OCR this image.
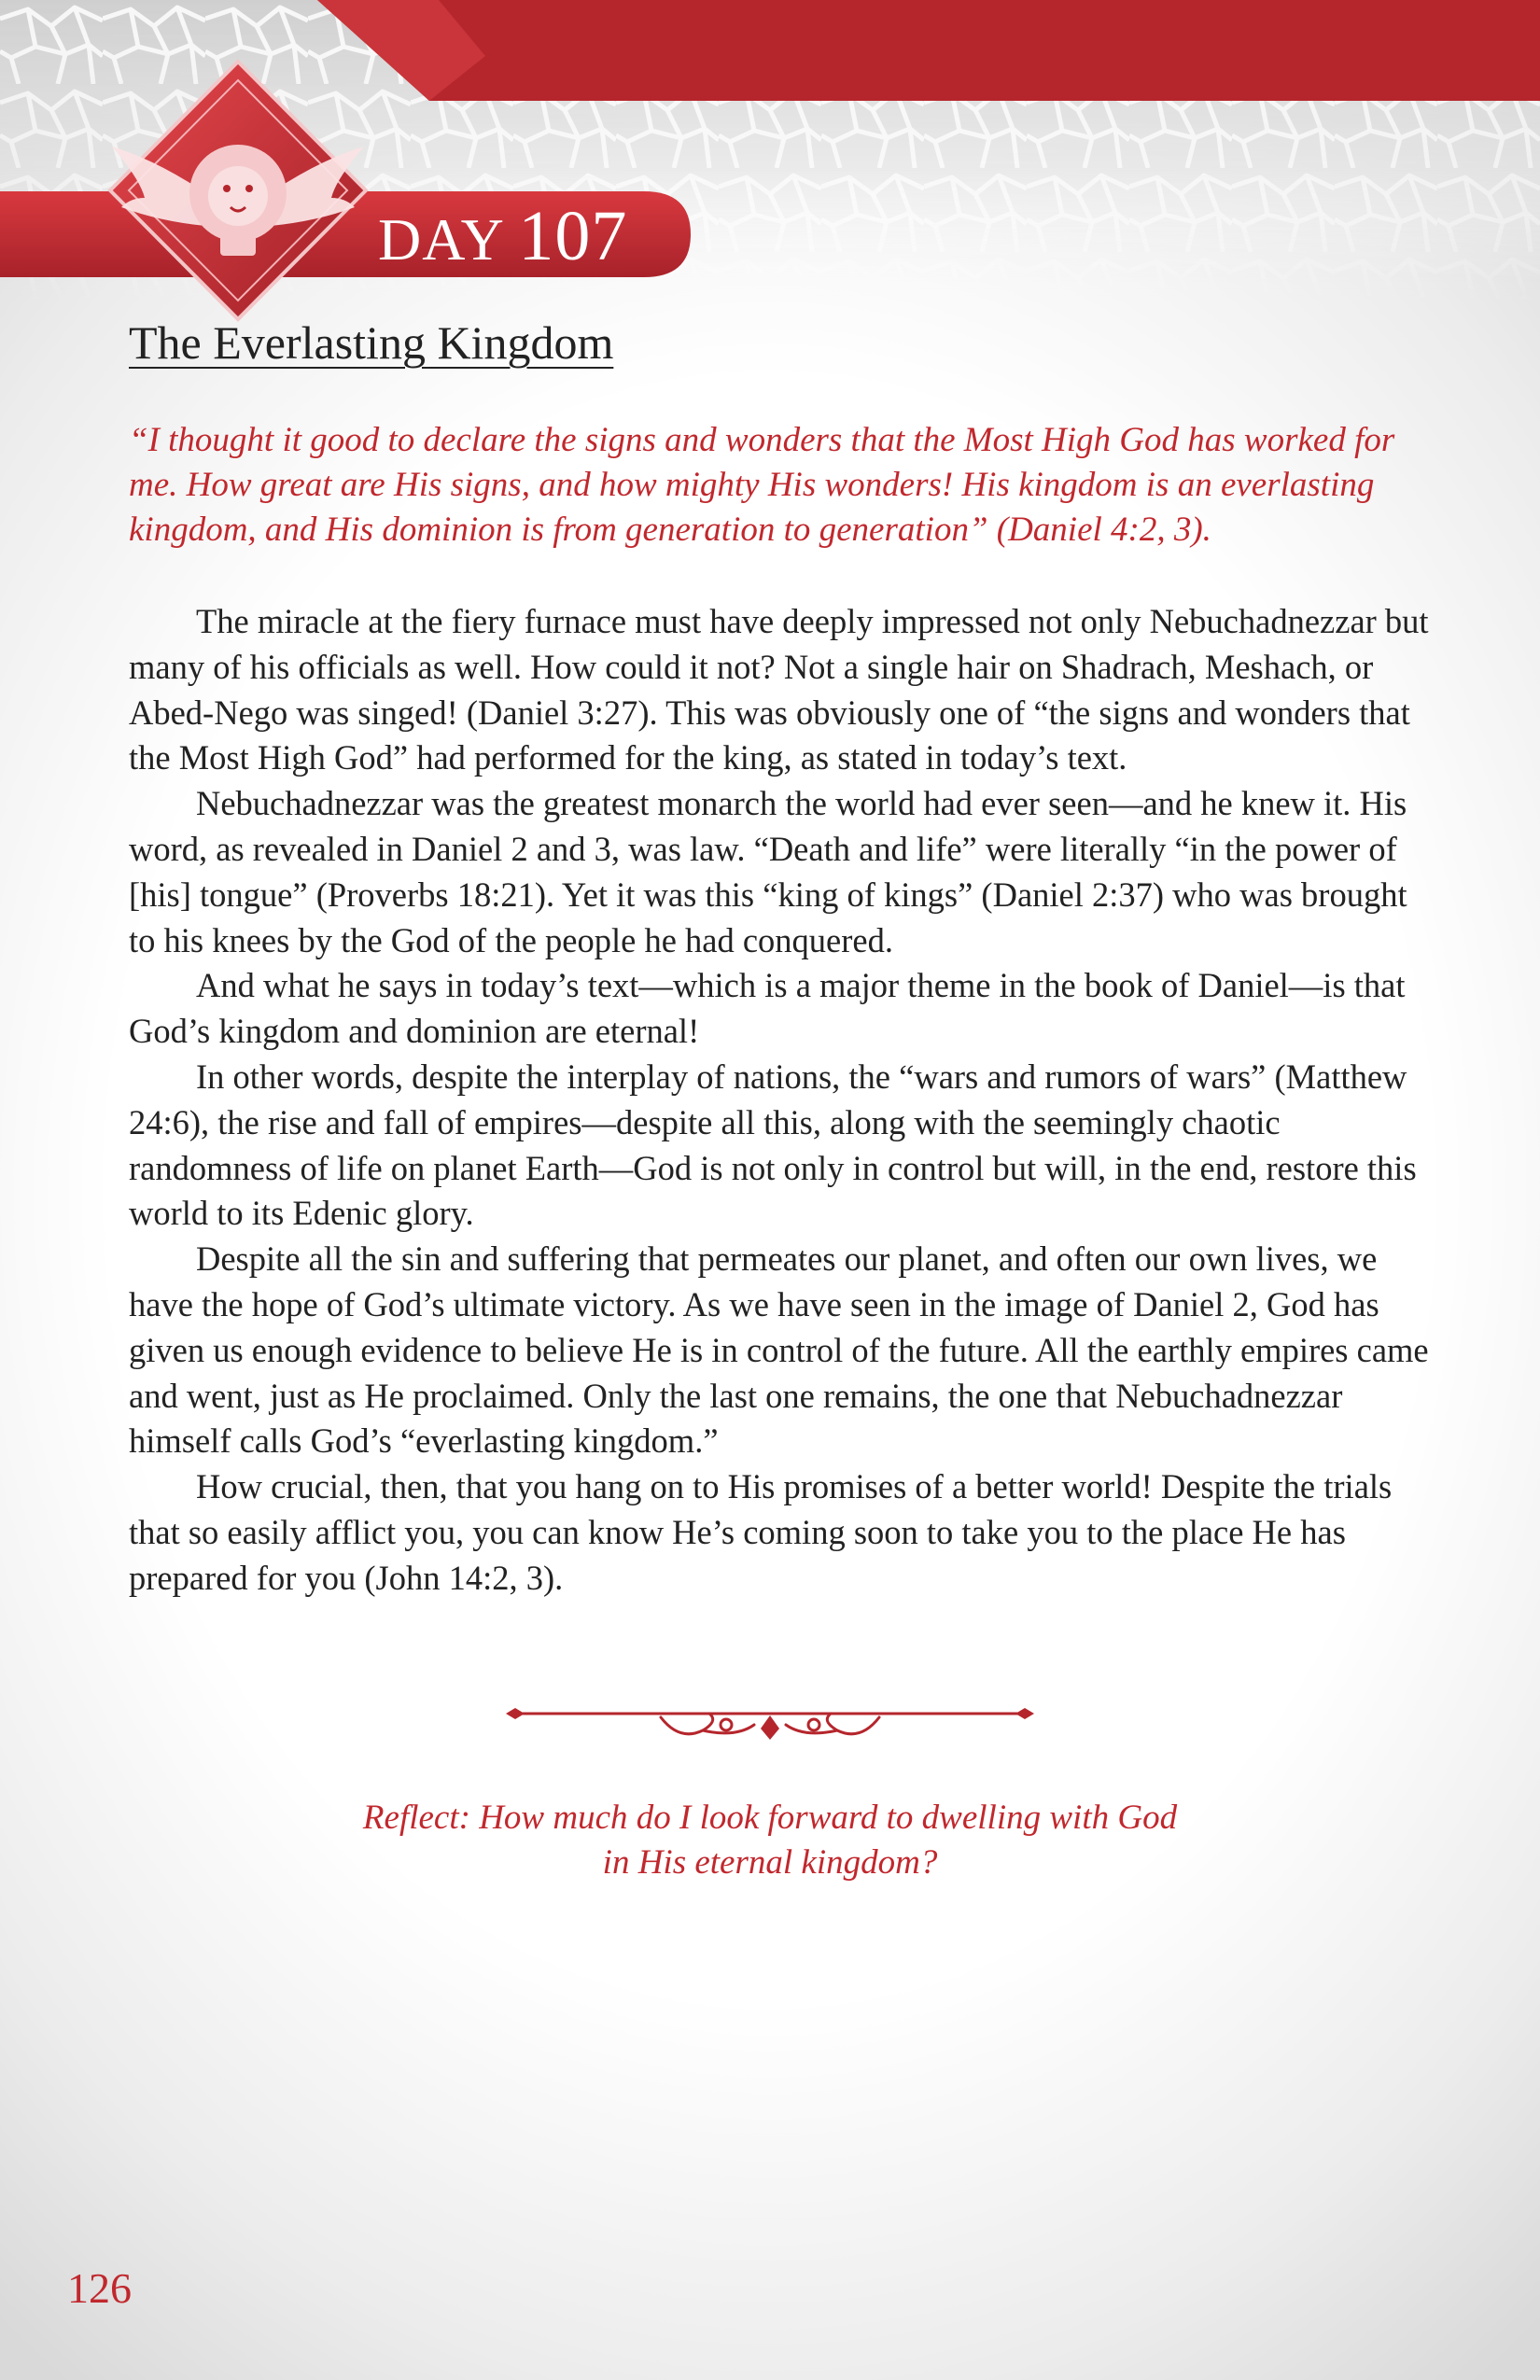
DAY 107
The Everlasting Kingdom

“I thought it good to declare the signs and wonders that the Most High God has worked for me. How great are His signs, and how mighty His wonders! His kingdom is an everlasting kingdom, and His dominion is from generation to generation” (Daniel 4:2, 3).

The miracle at the fiery furnace must have deeply impressed not only Nebuchadnezzar but many of his officials as well. How could it not? Not a single hair on Shadrach, Meshach, or Abed-Nego was singed! (Daniel 3:27). This was obviously one of “the signs and wonders that the Most High God” had performed for the king, as stated in today’s text.

Nebuchadnezzar was the greatest monarch the world had ever seen—and he knew it. His word, as revealed in Daniel 2 and 3, was law. “Death and life” were literally “in the power of [his] tongue” (Proverbs 18:21). Yet it was this “king of kings” (Daniel 2:37) who was brought to his knees by the God of the people he had conquered.

And what he says in today’s text—which is a major theme in the book of Daniel—is that God’s kingdom and dominion are eternal!

In other words, despite the interplay of nations, the “wars and rumors of wars” (Matthew 24:6), the rise and fall of empires—despite all this, along with the seemingly chaotic randomness of life on planet Earth—God is not only in control but will, in the end, restore this world to its Edenic glory.

Despite all the sin and suffering that permeates our planet, and often our own lives, we have the hope of God’s ultimate victory. As we have seen in the image of Daniel 2, God has given us enough evidence to believe He is in control of the future. All the earthly empires came and went, just as He proclaimed. Only the last one remains, the one that Nebuchadnezzar himself calls God’s “everlasting kingdom.”

How crucial, then, that you hang on to His promises of a better world! Despite the trials that so easily afflict you, you can know He’s coming soon to take you to the place He has prepared for you (John 14:2, 3).

Reflect: How much do I look forward to dwelling with God in His eternal kingdom?

126
